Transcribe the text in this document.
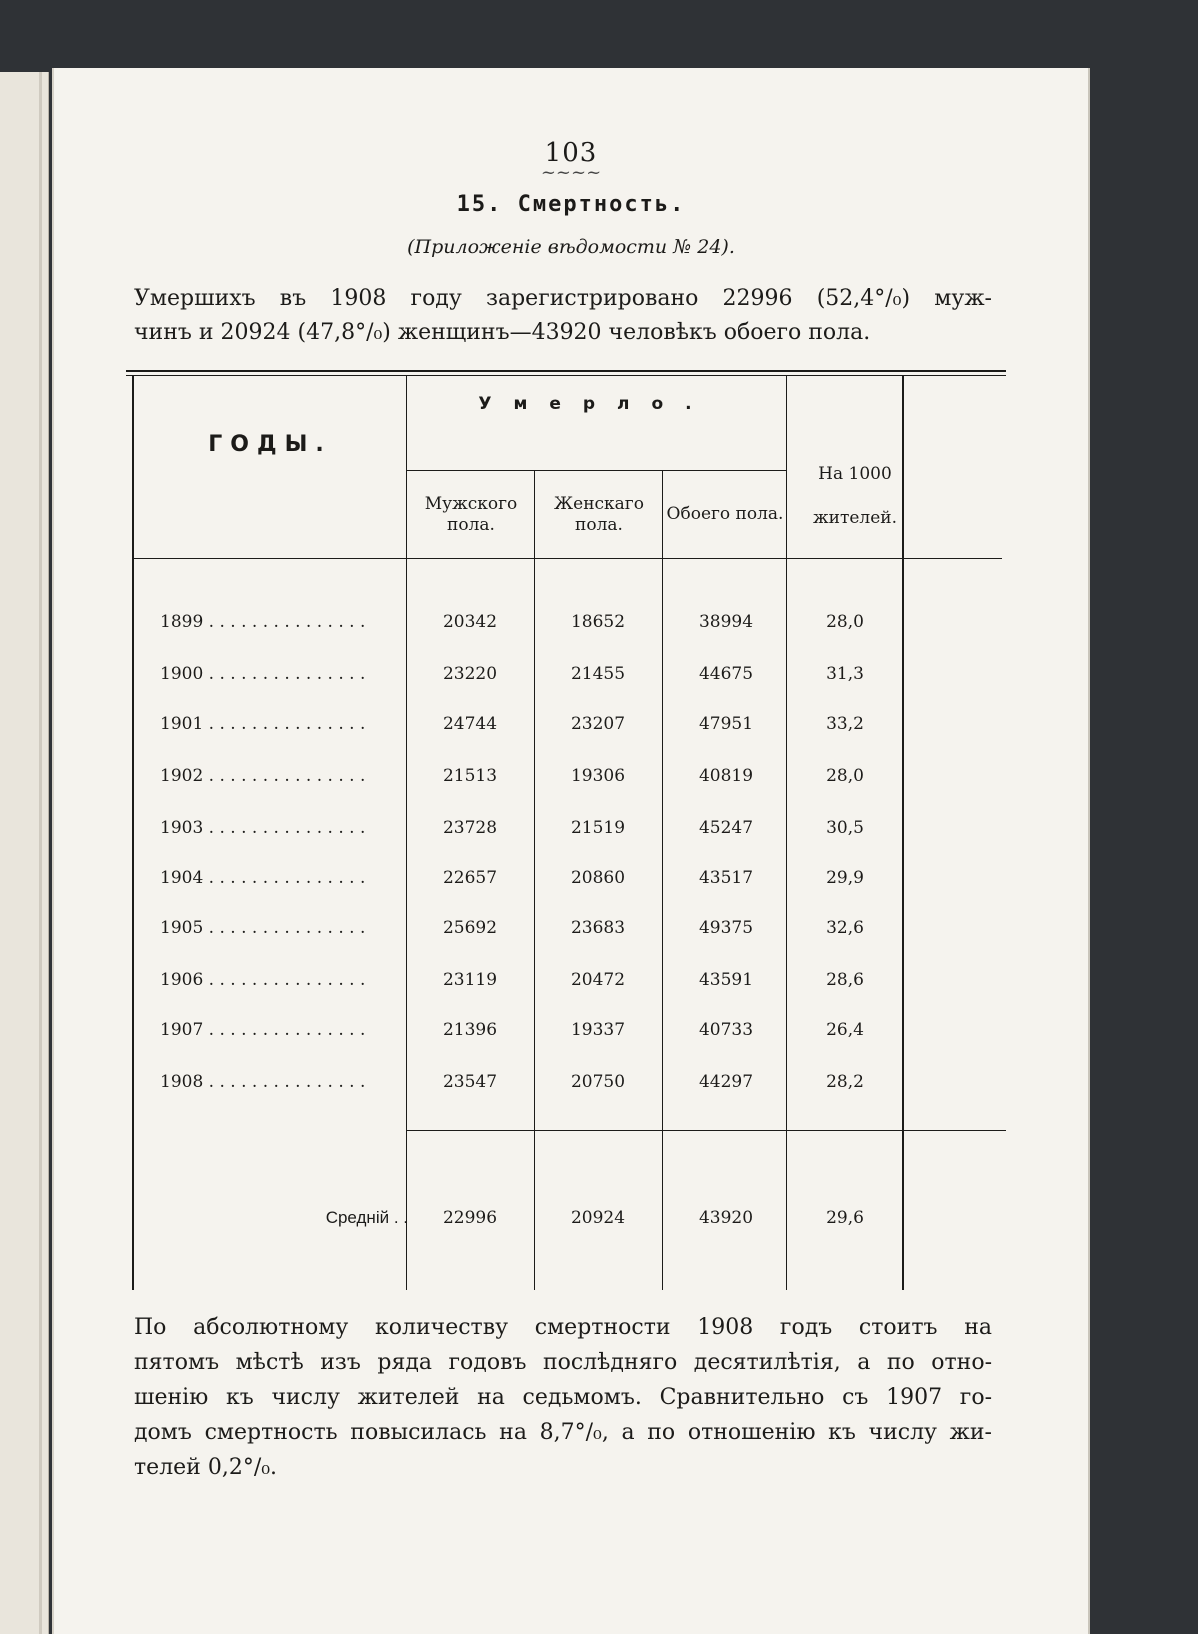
103
~~~~
15. Смертность.
(Приложеніе вѣдомости № 24).
Умершихъ въ 1908 году зарегистрировано 22996 (52,4°/₀) муж-
чинъ и 20924 (47,8°/₀) женщинъ—43920 человѣкъ обоего пола.
ГОДЫ.
Умерло.
Мужского пола.
Женскаго пола.
Обоего пола.
На 1000 жителей.
1899 . . . . . . . . . . . . . . .	20342	18652	38994	28,0
1900 . . . . . . . . . . . . . . .	23220	21455	44675	31,3
1901 . . . . . . . . . . . . . . .	24744	23207	47951	33,2
1902 . . . . . . . . . . . . . . .	21513	19306	40819	28,0
1903 . . . . . . . . . . . . . . .	23728	21519	45247	30,5
1904 . . . . . . . . . . . . . . .	22657	20860	43517	29,9
1905 . . . . . . . . . . . . . . .	25692	23683	49375	32,6
1906 . . . . . . . . . . . . . . .	23119	20472	43591	28,6
1907 . . . . . . . . . . . . . . .	21396	19337	40733	26,4
1908 . . . . . . . . . . . . . . .	23547	20750	44297	28,2
Средній . .	22996	20924	43920	29,6
По абсолютному количеству смертности 1908 годъ стоитъ на
пятомъ мѣстѣ изъ ряда годовъ послѣдняго десятилѣтія, а по отно-
шенію къ числу жителей на седьмомъ. Сравнительно съ 1907 го-
домъ смертность повысилась на 8,7°/₀, а по отношенію къ числу жи-
телей 0,2°/₀.
